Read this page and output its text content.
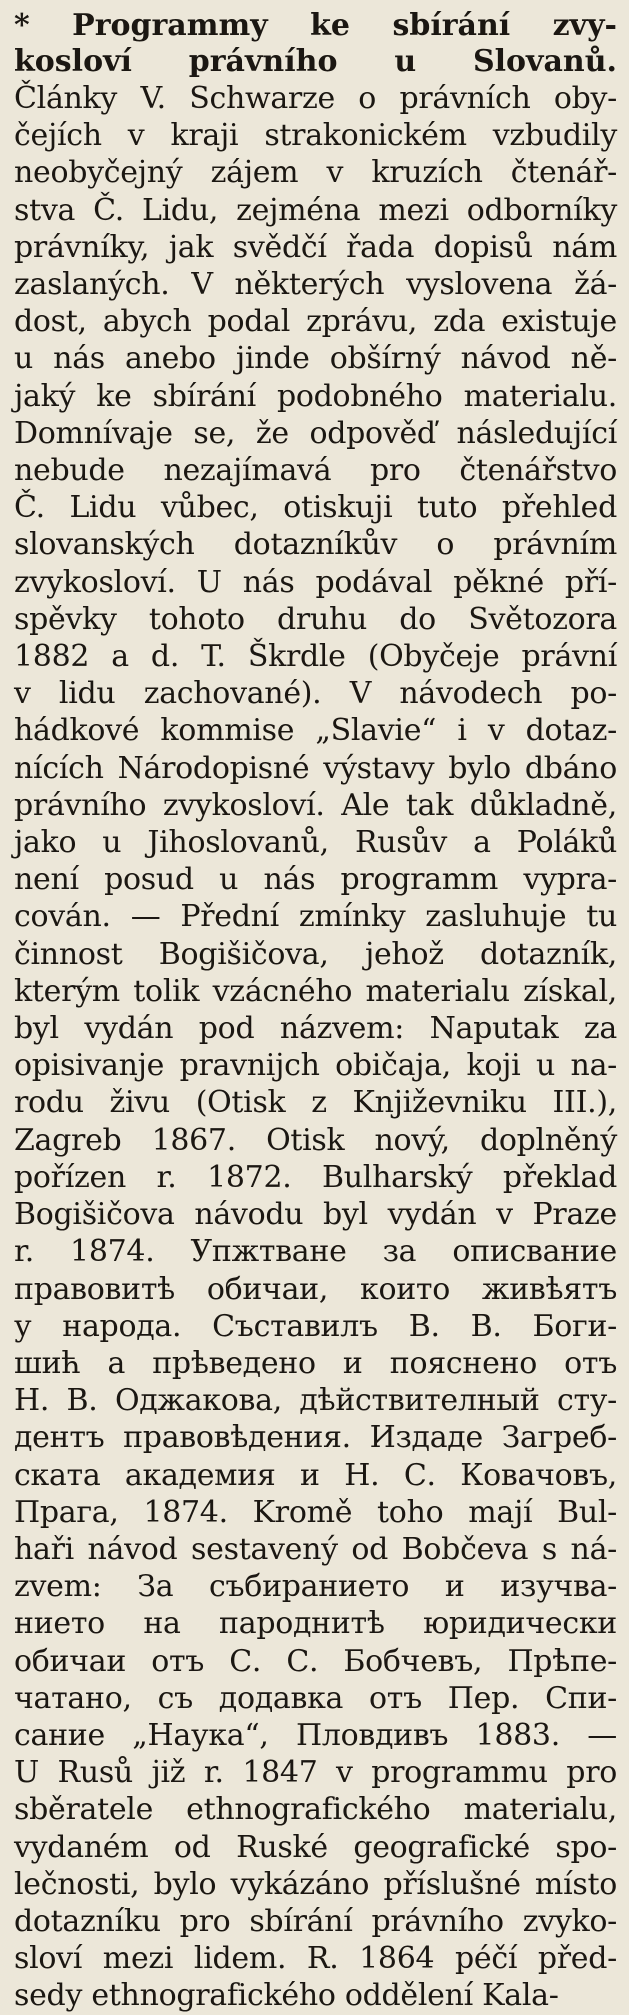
* Programmy ke sbírání zvy-
kosloví právního u Slovanů.
Články V. Schwarze o právních oby-
čejích v kraji strakonickém vzbudily
neobyčejný zájem v kruzích čtenář-
stva Č. Lidu, zejména mezi odborníky
právníky, jak svědčí řada dopisů nám
zaslaných. V některých vyslovena žá-
dost, abych podal zprávu, zda existuje
u nás anebo jinde obšírný návod ně-
jaký ke sbírání podobného materialu.
Domnívaje se, že odpověď následující
nebude nezajímavá pro čtenářstvo
Č. Lidu vůbec, otiskuji tuto přehled
slovanských dotazníkův o právním
zvykosloví. U nás podával pěkné pří-
spěvky tohoto druhu do Světozora
1882 a d. T. Škrdle (Obyčeje právní
v lidu zachované). V návodech po-
hádkové kommise „Slavie“ i v dotaz-
nících Národopisné výstavy bylo dbáno
právního zvykosloví. Ale tak důkladně,
jako u Jihoslovanů, Rusův a Poláků
není posud u nás programm vypra-
cován. — Přední zmínky zasluhuje tu
činnost Bogišičova, jehož dotazník,
kterým tolik vzácného materialu získal,
byl vydán pod názvem: Naputak za
opisivanje pravnijch običaja, koji u na-
rodu živu (Otisk z Književniku III.),
Zagreb 1867. Otisk nový, doplněný
pořízen r. 1872. Bulharský překlad
Bogišičova návodu byl vydán v Praze
r. 1874. Упжтване за описвание
правовитѣ обичаи, които живѣятъ
у народа. Съставилъ В. В. Боги-
шић а прѣведено и пояснено отъ
Н. В. Оджакова, дѣйствителный сту-
дентъ правовѣдения. Издаде Загреб-
ската академия и Н. С. Ковачовъ,
Прага, 1874. Kromě toho mají Bul-
haři návod sestavený od Bobčeva s ná-
zvem: За събиранието и изучва-
нието на пароднитѣ юридически
обичаи отъ С. С. Бобчевъ, Прѣпе-
чатано, съ додавка отъ Пер. Спи-
сание „Наука“, Пловдивъ 1883. —
U Rusů již r. 1847 v programmu pro
sběratele ethnografického materialu,
vydaném od Ruské geografické spo-
lečnosti, bylo vykázáno příslušné místo
dotazníku pro sbírání právního zvyko-
sloví mezi lidem. R. 1864 péčí před-
sedy ethnografického oddělení Kala-
